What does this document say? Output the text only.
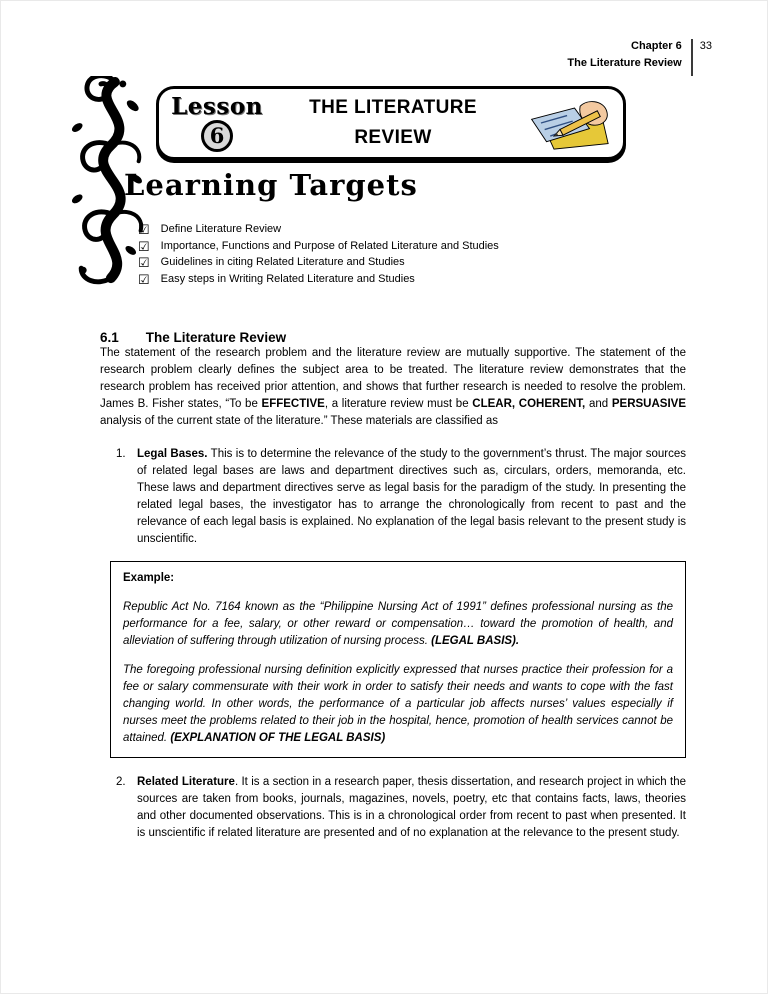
Chapter 6
The Literature Review
33
Lesson
6
THE LITERATURE
REVIEW
Learning Targets
☑ Define Literature Review
☑ Importance, Functions and Purpose of Related Literature and Studies
☑ Guidelines in citing Related Literature and Studies
☑ Easy steps in Writing Related Literature and Studies
6.1 The Literature Review

The statement of the research problem and the literature review are mutually supportive. The statement of the research problem clearly defines the subject area to be treated. The literature review demonstrates that the research problem has received prior attention, and shows that further research is needed to resolve the problem. James B. Fisher states, “To be EFFECTIVE, a literature review must be CLEAR, COHERENT, and PERSUASIVE analysis of the current state of the literature.” These materials are classified as

1. Legal Bases. This is to determine the relevance of the study to the government’s thrust. The major sources of related legal bases are laws and department directives such as, circulars, orders, memoranda, etc. These laws and department directives serve as legal basis for the paradigm of the study. In presenting the related legal bases, the investigator has to arrange the chronologically from recent to past and the relevance of each legal basis is explained. No explanation of the legal basis relevant to the present study is unscientific.

Example:

Republic Act No. 7164 known as the “Philippine Nursing Act of 1991” defines professional nursing as the performance for a fee, salary, or other reward or compensation… toward the promotion of health, and alleviation of suffering through utilization of nursing process. (LEGAL BASIS).

The foregoing professional nursing definition explicitly expressed that nurses practice their profession for a fee or salary commensurate with their work in order to satisfy their needs and wants to cope with the fast changing world. In other words, the performance of a particular job affects nurses’ values especially if nurses meet the problems related to their job in the hospital, hence, promotion of health services cannot be attained. (EXPLANATION OF THE LEGAL BASIS)

2. Related Literature. It is a section in a research paper, thesis dissertation, and research project in which the sources are taken from books, journals, magazines, novels, poetry, etc that contains facts, laws, theories and other documented observations. This is in a chronological order from recent to past when presented. It is unscientific if related literature are presented and of no explanation at the relevance to the present study.
